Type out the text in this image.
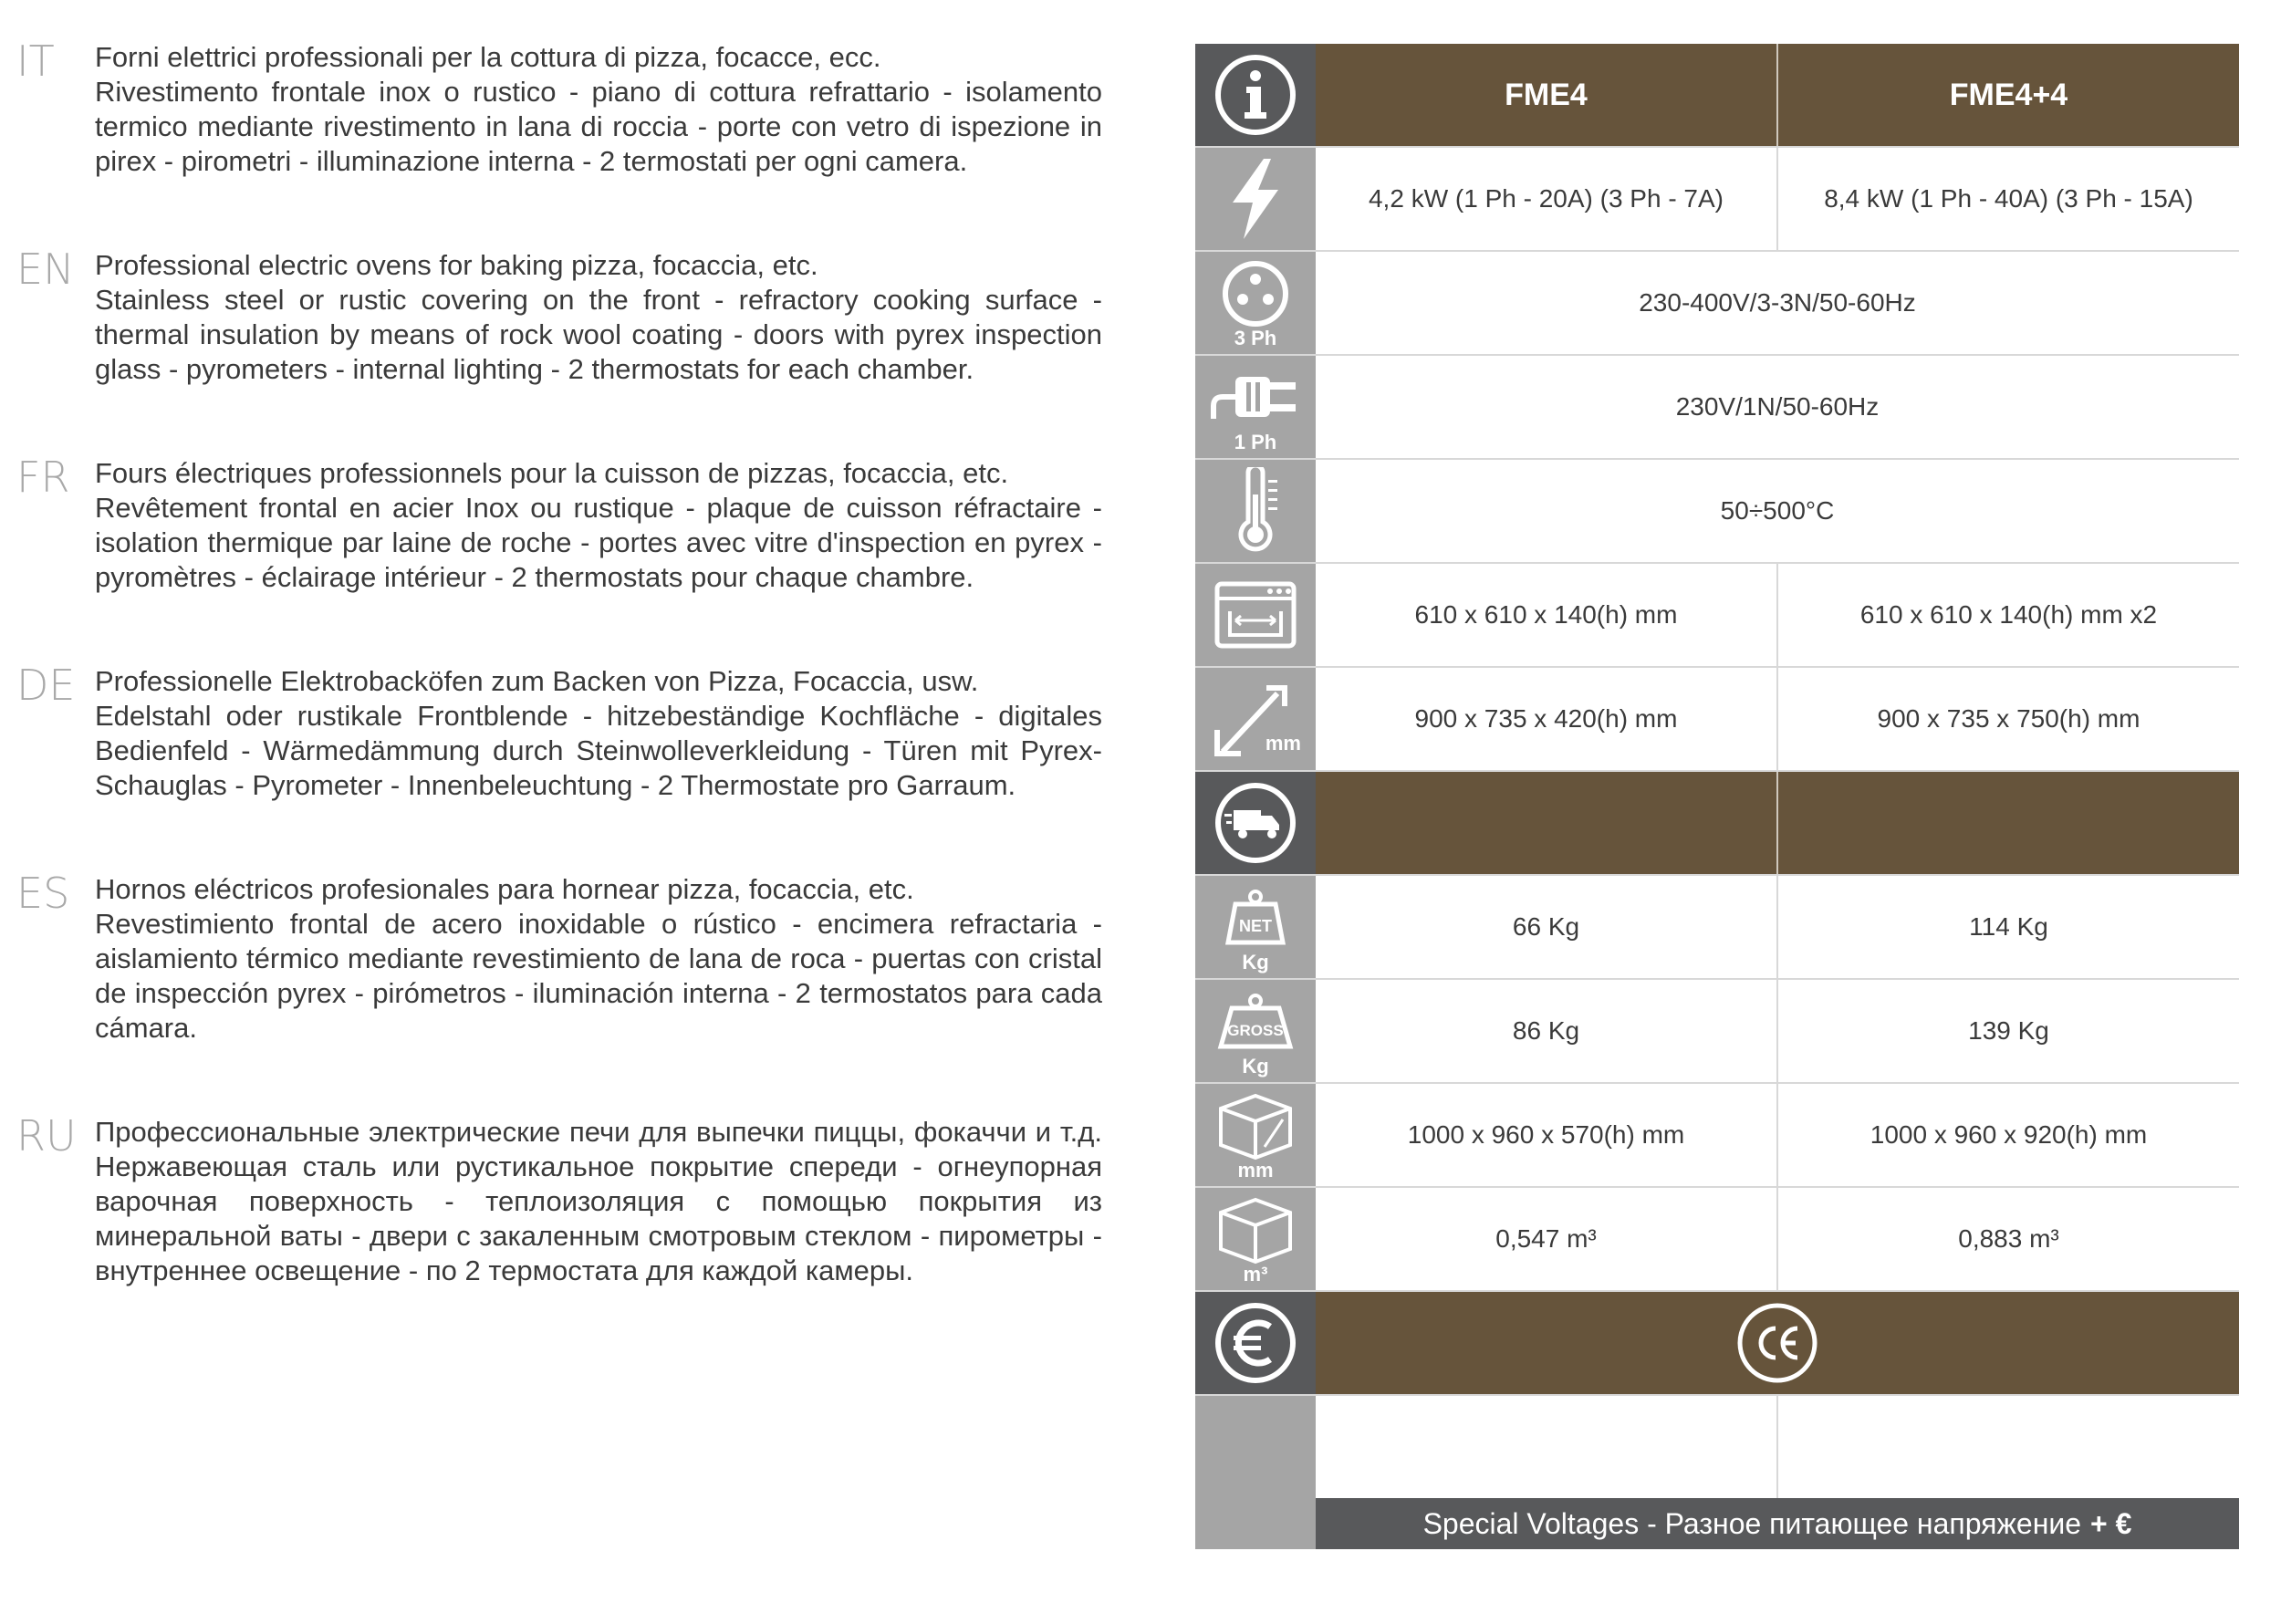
IT Forni elettrici professionali per la cottura di pizza, focacce, ecc.

Rivestimento frontale inox o rustico - piano di cottura refrattario - isolamento termico mediante rivestimento in lana di roccia - porte con vetro di ispezione in pirex - pirometri - illuminazione interna - 2 termostati per ogni camera.

EN Professional electric ovens for baking pizza, focaccia, etc.

Stainless steel or rustic covering on the front - refractory cooking surface - thermal insulation by means of rock wool coating - doors with pyrex inspection glass - pyrometers - internal lighting - 2 thermostats for each chamber.

FR Fours électriques professionnels pour la cuisson de pizzas, focaccia, etc.

Revêtement frontal en acier Inox ou rustique - plaque de cuisson réfractaire - isolation thermique par laine de roche - portes avec vitre d'inspection en pyrex - pyromètres - éclairage intérieur - 2 thermostats pour chaque chambre.

DE Professionelle Elektrobacköfen zum Backen von Pizza, Focaccia, usw.

Edelstahl oder rustikale Frontblende - hitzebeständige Kochfläche - digitales Bedienfeld - Wärmedämmung durch Steinwolleverkleidung - Türen mit Pyrex-Schauglas - Pyrometer - Innenbeleuchtung - 2 Thermostate pro Garraum.

ES Hornos eléctricos profesionales para hornear pizza, focaccia, etc.

Revestimiento frontal de acero inoxidable o rústico - encimera refractaria - aislamiento térmico mediante revestimiento de lana de roca - puertas con cristal de inspección pyrex - pirómetros - iluminación interna - 2 termostatos para cada cámara.

RU Профессиональные электрические печи для выпечки пиццы, фокаччи и т.д. Нержавеющая сталь или рустикальное покрытие спереди - огнеупорная варочная поверхность - теплоизоляция с помощью покрытия из минеральной ваты - двери с закаленным смотровым стеклом - пирометры - внутреннее освещение - по 2 термостата для каждой камеры.

FME4	FME4+4
4,2 kW (1 Ph - 20A) (3 Ph - 7A)	8,4 kW (1 Ph - 40A) (3 Ph - 15A)
3 Ph
230-400V/3-3N/50-60Hz
1 Ph
230V/1N/50-60Hz
50÷500°C
610 x 610 x 140(h) mm	610 x 610 x 140(h) mm x2
mm
900 x 735 x 420(h) mm	900 x 735 x 750(h) mm
NET
Kg
66 Kg	114 Kg
GROSS
Kg
86 Kg	139 Kg
mm
1000 x 960 x 570(h) mm	1000 x 960 x 920(h) mm
m³
0,547 m³	0,883 m³
Special Voltages - Разное питающее напряжение + €
